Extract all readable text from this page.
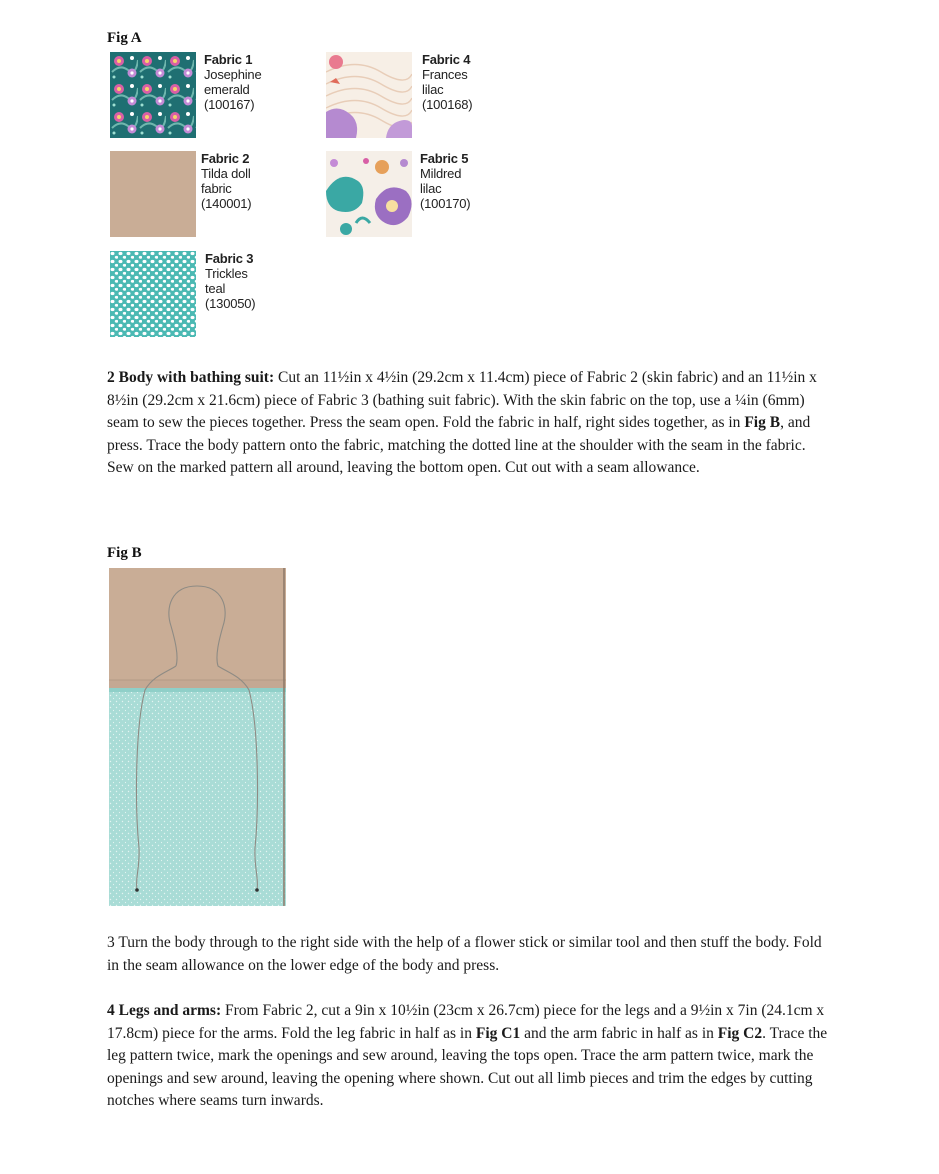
Fig A
Fabric 1
Josephine
emerald
(100167)
Fabric 2
Tilda doll
fabric
(140001)
Fabric 3
Trickles
teal
(130050)
Fabric 4
Frances
lilac
(100168)
Fabric 5
Mildred
lilac
(100170)
2 Body with bathing suit: Cut an 11½in x 4½in (29.2cm x 11.4cm) piece of Fabric 2 (skin fabric) and an 11½in x 8½in (29.2cm x 21.6cm) piece of Fabric 3 (bathing suit fabric). With the skin fabric on the top, use a ¼in (6mm) seam to sew the pieces together. Press the seam open. Fold the fabric in half, right sides together, as in Fig B, and press. Trace the body pattern onto the fabric, matching the dotted line at the shoulder with the seam in the fabric. Sew on the marked pattern all around, leaving the bottom open. Cut out with a seam allowance.
Fig B
3 Turn the body through to the right side with the help of a flower stick or similar tool and then stuff the body. Fold in the seam allowance on the lower edge of the body and press.
4 Legs and arms: From Fabric 2, cut a 9in x 10½in (23cm x 26.7cm) piece for the legs and a 9½in x 7in (24.1cm x 17.8cm) piece for the arms. Fold the leg fabric in half as in Fig C1 and the arm fabric in half as in Fig C2. Trace the leg pattern twice, mark the openings and sew around, leaving the tops open. Trace the arm pattern twice, mark the openings and sew around, leaving the opening where shown. Cut out all limb pieces and trim the edges by cutting notches where seams turn inwards.
